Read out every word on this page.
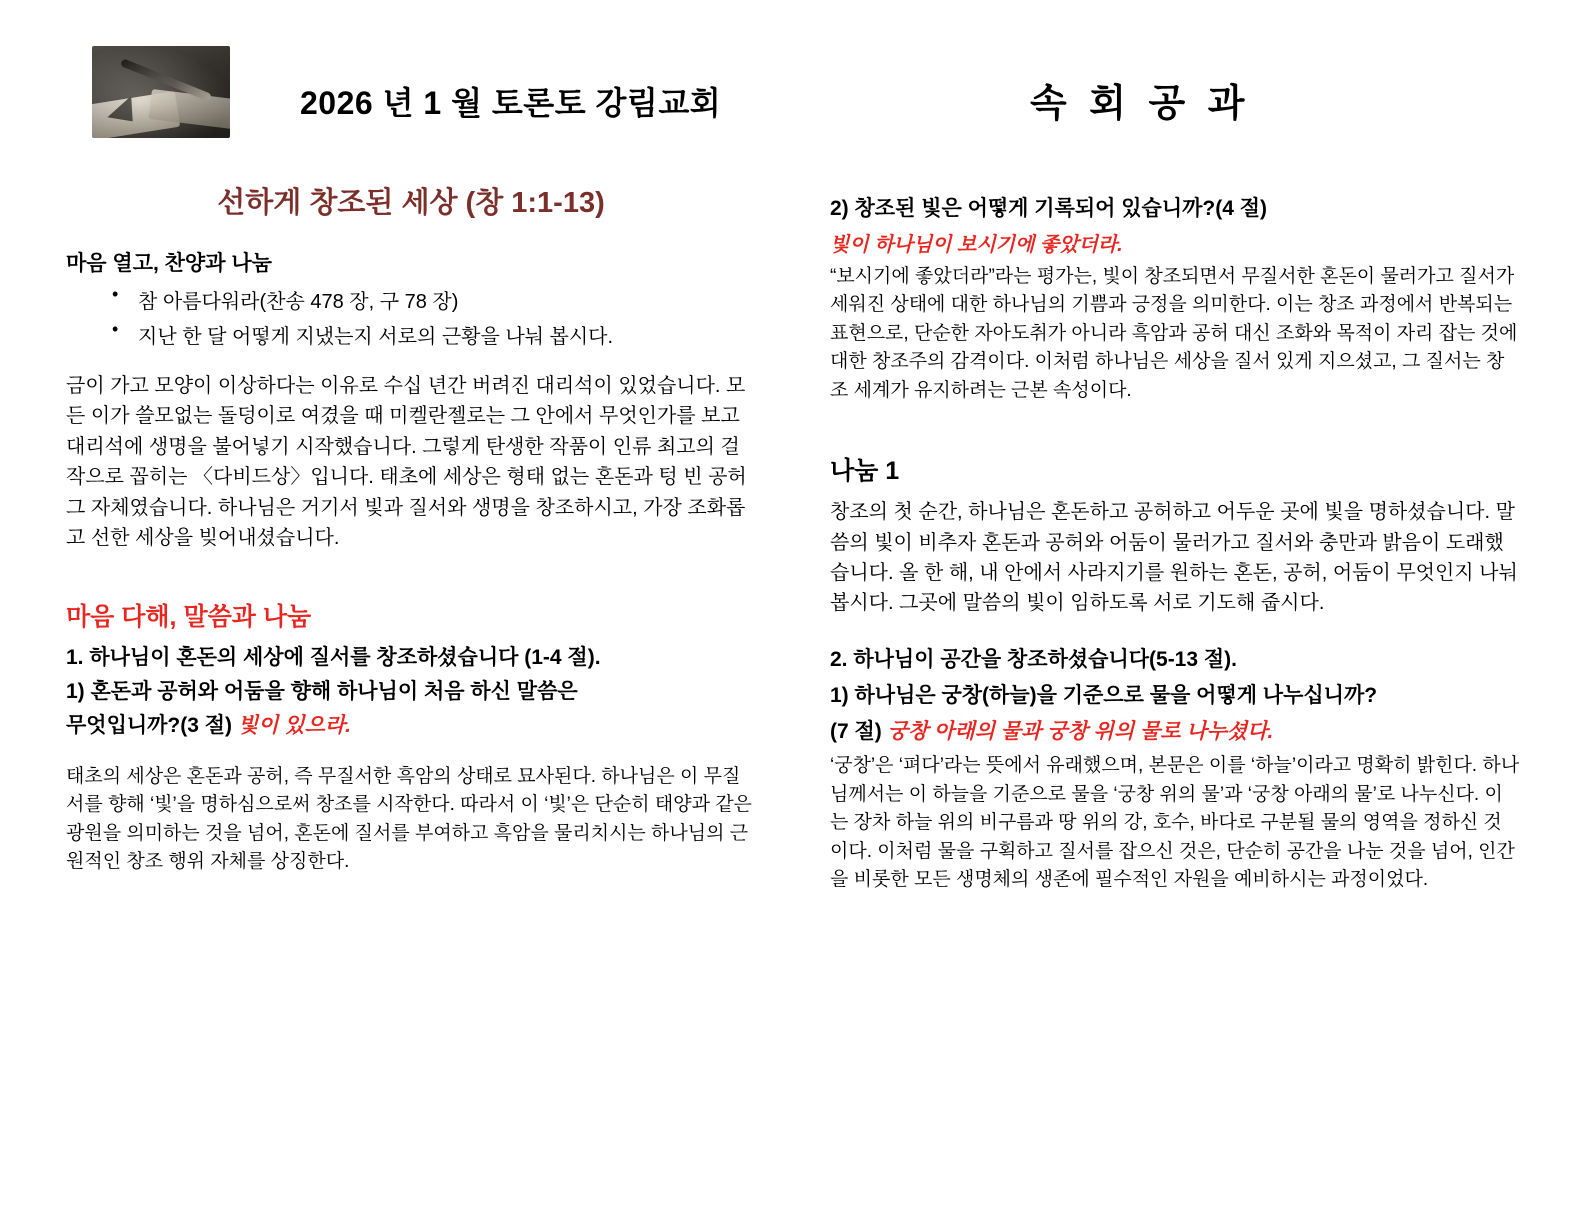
2026 년 1 월 토론토 강림교회	속 회 공 과
선하게 창조된 세상 (창 1:1-13)
마음 열고, 찬양과 나눔
• 참 아름다워라(찬송 478 장, 구 78 장)
• 지난 한 달 어떻게 지냈는지 서로의 근황을 나눠 봅시다.

금이 가고 모양이 이상하다는 이유로 수십 년간 버려진 대리석이 있었습니다. 모든 이가 쓸모없는 돌덩이로 여겼을 때 미켈란젤로는 그 안에서 무엇인가를 보고 대리석에 생명을 불어넣기 시작했습니다. 그렇게 탄생한 작품이 인류 최고의 걸작으로 꼽히는 〈다비드상〉입니다. 태초에 세상은 형태 없는 혼돈과 텅 빈 공허 그 자체였습니다. 하나님은 거기서 빛과 질서와 생명을 창조하시고, 가장 조화롭고 선한 세상을 빚어내셨습니다.

마음 다해, 말씀과 나눔
1. 하나님이 혼돈의 세상에 질서를 창조하셨습니다 (1-4 절).
1) 혼돈과 공허와 어둠을 향해 하나님이 처음 하신 말씀은
무엇입니까?(3 절) 빛이 있으라.

태초의 세상은 혼돈과 공허, 즉 무질서한 흑암의 상태로 묘사된다. 하나님은 이 무질서를 향해 ‘빛’을 명하심으로써 창조를 시작한다. 따라서 이 ‘빛’은 단순히 태양과 같은 광원을 의미하는 것을 넘어, 혼돈에 질서를 부여하고 흑암을 물리치시는 하나님의 근원적인 창조 행위 자체를 상징한다.

2) 창조된 빛은 어떻게 기록되어 있습니까?(4 절)
빛이 하나님이 보시기에 좋았더라.

“보시기에 좋았더라”라는 평가는, 빛이 창조되면서 무질서한 혼돈이 물러가고 질서가 세워진 상태에 대한 하나님의 기쁨과 긍정을 의미한다. 이는 창조 과정에서 반복되는 표현으로, 단순한 자아도취가 아니라 흑암과 공허 대신 조화와 목적이 자리 잡는 것에 대한 창조주의 감격이다. 이처럼 하나님은 세상을 질서 있게 지으셨고, 그 질서는 창조 세계가 유지하려는 근본 속성이다.

나눔 1

창조의 첫 순간, 하나님은 혼돈하고 공허하고 어두운 곳에 빛을 명하셨습니다. 말씀의 빛이 비추자 혼돈과 공허와 어둠이 물러가고 질서와 충만과 밝음이 도래했습니다. 올 한 해, 내 안에서 사라지기를 원하는 혼돈, 공허, 어둠이 무엇인지 나눠 봅시다. 그곳에 말씀의 빛이 임하도록 서로 기도해 줍시다.

2. 하나님이 공간을 창조하셨습니다(5-13 절).
1) 하나님은 궁창(하늘)을 기준으로 물을 어떻게 나누십니까?
(7 절) 궁창 아래의 물과 궁창 위의 물로 나누셨다.

‘궁창’은 ‘펴다’라는 뜻에서 유래했으며, 본문은 이를 ‘하늘’이라고 명확히 밝힌다. 하나님께서는 이 하늘을 기준으로 물을 ‘궁창 위의 물’과 ‘궁창 아래의 물’로 나누신다. 이는 장차 하늘 위의 비구름과 땅 위의 강, 호수, 바다로 구분될 물의 영역을 정하신 것이다. 이처럼 물을 구획하고 질서를 잡으신 것은, 단순히 공간을 나눈 것을 넘어, 인간을 비롯한 모든 생명체의 생존에 필수적인 자원을 예비하시는 과정이었다.
